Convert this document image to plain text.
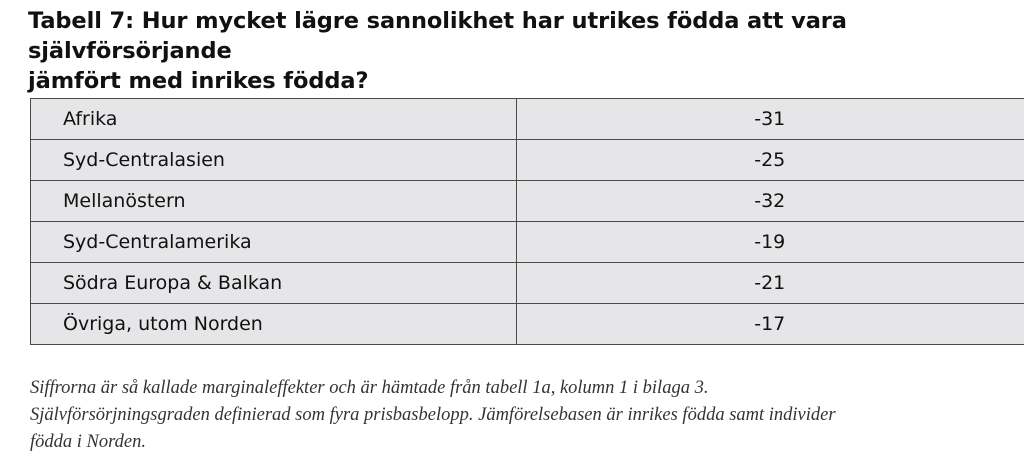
Tabell 7: Hur mycket lägre sannolikhet har utrikes födda att vara självförsörjande
jämfört med inrikes födda?
Afrika	-31
Syd-Centralasien	-25
Mellanöstern	-32
Syd-Centralamerika	-19
Södra Europa & Balkan	-21
Övriga, utom Norden	-17

Siffrorna är så kallade marginaleffekter och är hämtade från tabell 1a, kolumn 1 i bilaga 3.
Självförsörjningsgraden definierad som fyra prisbasbelopp. Jämförelsebasen är inrikes födda samt individer
födda i Norden.
